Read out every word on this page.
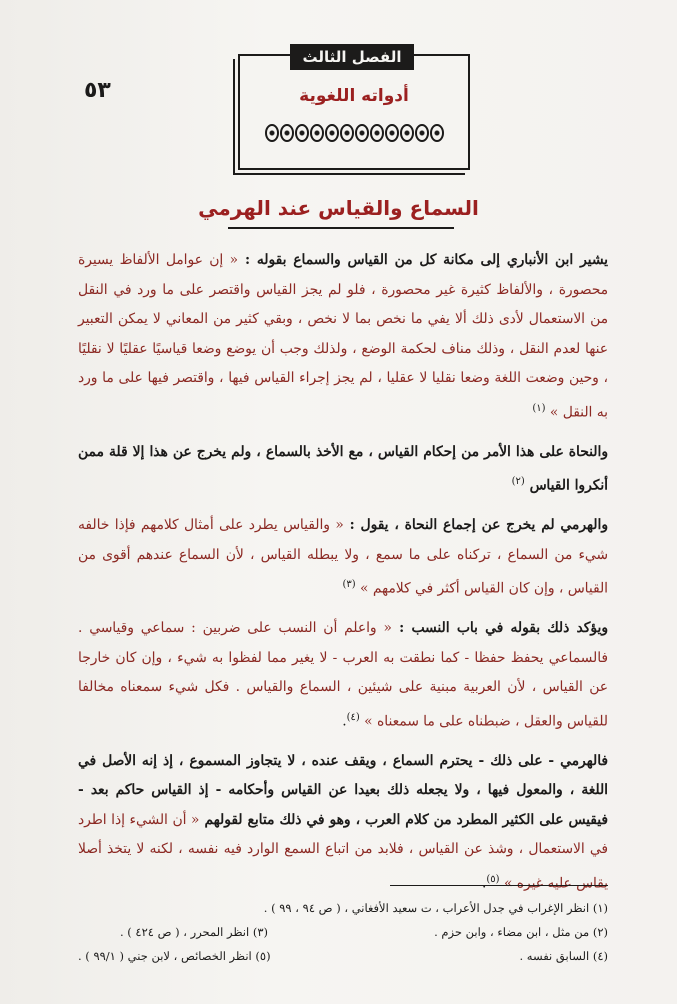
٥٣
الفصل الثالث
أدواته اللغوية
السماع والقياس عند الهرمي

يشير ابن الأنباري إلى مكانة كل من القياس والسماع بقوله : « إن عوامل الألفاظ يسيرة محصورة ، والألفاظ كثيرة غير محصورة ، فلو لم يجز القياس واقتصر على ما ورد في النقل من الاستعمال لأدى ذلك ألا يفي ما نخص بما لا نخص ، وبقي كثير من المعاني لا يمكن التعبير عنها لعدم النقل ، وذلك مناف لحكمة الوضع ، ولذلك وجب أن يوضع وضعا قياسيًا عقليًا لا نقليًا ، وحين وضعت اللغة وضعا نقليا لا عقليا ، لم يجز إجراء القياس فيها ، واقتصر فيها على ما ورد به النقل » $^{(١)}$

والنحاة على هذا الأمر من إحكام القياس ، مع الأخذ بالسماع ، ولم يخرج عن هذا إلا قلة ممن أنكروا القياس $^{(٢)}$

والهرمي لم يخرج عن إجماع النحاة ، يقول : « والقياس يطرد على أمثال كلامهم فإذا خالفه شيء من السماع ، تركناه على ما سمع ، ولا يبطله القياس ، لأن السماع عندهم أقوى من القياس ، وإن كان القياس أكثر في كلامهم » $^{(٣)}$

ويؤكد ذلك بقوله في باب النسب : « واعلم أن النسب على ضربين : سماعي وقياسي . فالسماعي يحفظ حفظا - كما نطقت به العرب - لا يغير مما لفظوا به شيء ، وإن كان خارجا عن القياس ، لأن العربية مبنية على شيئين ، السماع والقياس . فكل شيء سمعناه مخالفا للقياس والعقل ، ضبطناه على ما سمعناه » $^{(٤)}$.

فالهرمي - على ذلك - يحترم السماع ، ويقف عنده ، لا يتجاوز المسموع ، إذ إنه الأصل في اللغة ، والمعول فيها ، ولا يجعله ذلك بعيدا عن القياس وأحكامه - إذ القياس حاكم بعد - فيقيس على الكثير المطرد من كلام العرب ، وهو في ذلك متابع لقولهم « أن الشيء إذا اطرد في الاستعمال ، وشذ عن القياس ، فلابد من اتباع السمع الوارد فيه نفسه ، لكنه لا يتخذ أصلا يقاس عليه غيره » $^{(٥)}$.

(١) انظر الإغراب في جدل الأعراب ، ت سعيد الأفغاني ، ( ص ٩٤ ، ٩٩ ) .
(٢) من مثل ، ابن مضاء ، وابن حزم .
(٣) انظر المحرر ، ( ص ٤٢٤ ) .
(٤) السابق نفسه .
(٥) انظر الخصائص ، لابن جني ( ٩٩/١ ) .
